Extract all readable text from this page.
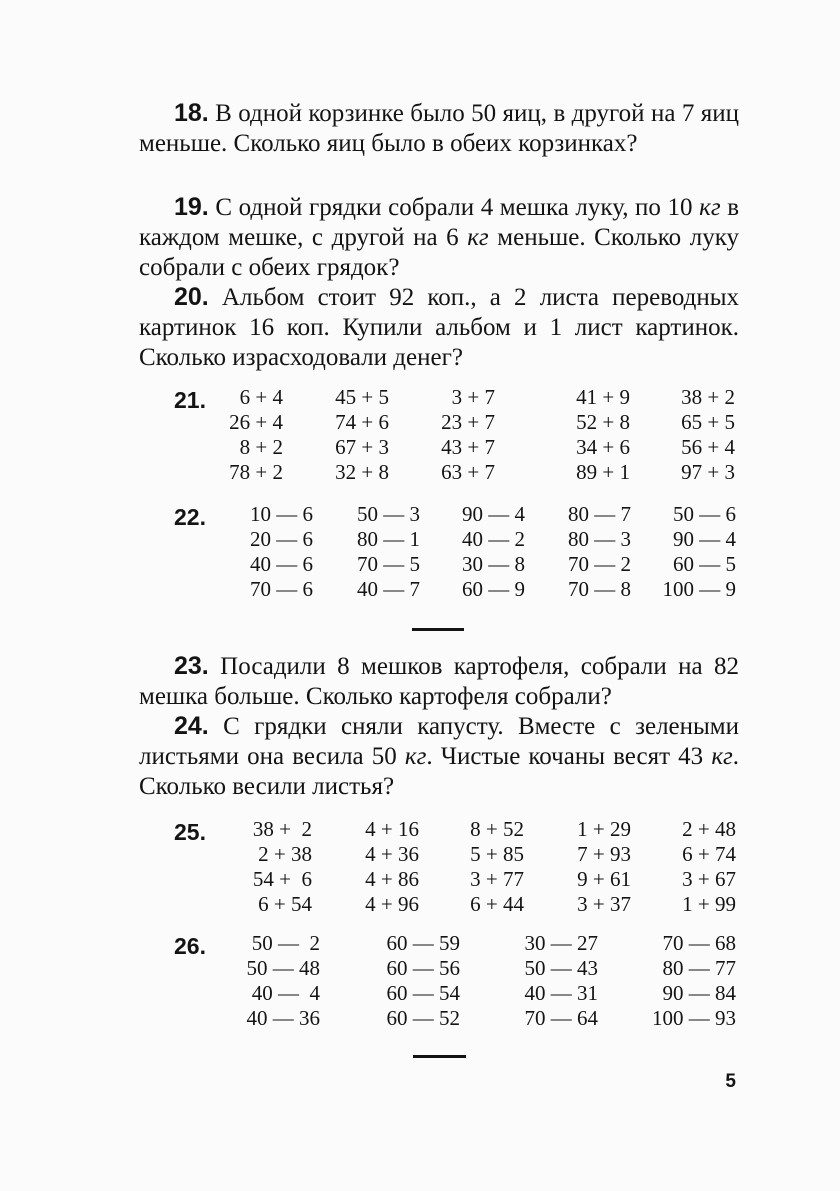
18. В одной корзинке было 50 яиц, в другой на 7 яиц меньше. Сколько яиц было в обеих корзинках?

19. С одной грядки собрали 4 мешка луку, по 10 кг в каждом мешке, с другой на 6 кг меньше. Сколько луку собрали с обеих грядок?

20. Альбом стоит 92 коп., а 2 листа переводных картинок 16 коп. Купили альбом и 1 лист картинок. Сколько израсходовали денег?

21.	6 + 4
26 + 4
8 + 2
78 + 2
45 + 5
74 + 6
67 + 3
32 + 8
3 + 7
23 + 7
43 + 7
63 + 7
41 + 9
52 + 8
34 + 6
89 + 1
38 + 2
65 + 5
56 + 4
97 + 3
22. 10 — 6
20 — 6
40 — 6
70 — 6
50 — 3
80 — 1
70 — 5
40 — 7
90 — 4
40 — 2
30 — 8
60 — 9
80 — 7
80 — 3
70 — 2
70 — 8
50 — 6
90 — 4
60 — 5
100 — 9

23. Посадили 8 мешков картофеля, собрали на 82 мешка больше. Сколько картофеля собрали?

24. С грядки сняли капусту. Вместе с зелеными листьями она весила 50 кг. Чистые кочаны весят 43 кг. Сколько весили листья?

25. 38 +  2
2 + 38
54 +  6
6 + 54
4 + 16
4 + 36
4 + 86
4 + 96
8 + 52
5 + 85
3 + 77
6 + 44
1 + 29
7 + 93
9 + 61
3 + 37
2 + 48
6 + 74
3 + 67
1 + 99
26. 50 —  2
50 — 48
40 —  4
40 — 36
60 — 59
60 — 56
60 — 54
60 — 52
30 — 27
50 — 43
40 — 31
70 — 64
70 — 68
80 — 77
90 — 84
100 — 93
5
